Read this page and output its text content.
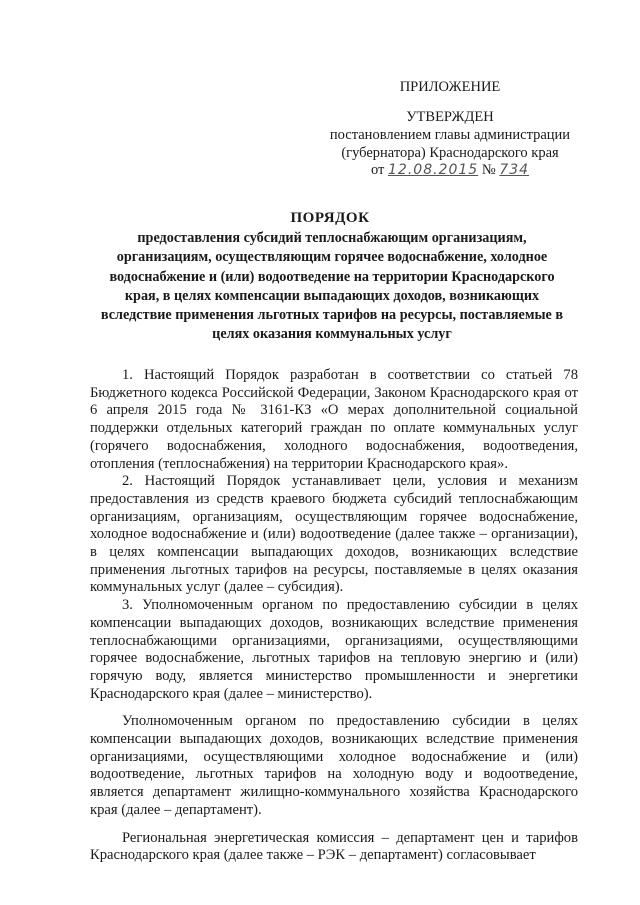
ПРИЛОЖЕНИЕ
УТВЕРЖДЕН
постановлением главы администрации
(губернатора) Краснодарского края
от 12.08.2015 № 734
ПОРЯДОК
предоставления субсидий теплоснабжающим организациям,
организациям, осуществляющим горячее водоснабжение, холодное
водоснабжение и (или) водоотведение на территории Краснодарского
края, в целях компенсации выпадающих доходов, возникающих
вследствие применения льготных тарифов на ресурсы, поставляемые в
целях оказания коммунальных услуг

1. Настоящий Порядок разработан в соответствии со статьей 78 Бюджетного кодекса Российской Федерации, Законом Краснодарского края от 6 апреля 2015 года № 3161-КЗ «О мерах дополнительной социальной поддержки отдельных категорий граждан по оплате коммунальных услуг (горячего водоснабжения, холодного водоснабжения, водоотведения, отопления (теплоснабжения) на территории Краснодарского края».

2. Настоящий Порядок устанавливает цели, условия и механизм предоставления из средств краевого бюджета субсидий теплоснабжающим организациям, организациям, осуществляющим горячее водоснабжение, холодное водоснабжение и (или) водоотведение (далее также – организации), в целях компенсации выпадающих доходов, возникающих вследствие применения льготных тарифов на ресурсы, поставляемые в целях оказания коммунальных услуг (далее – субсидия).

3. Уполномоченным органом по предоставлению субсидии в целях компенсации выпадающих доходов, возникающих вследствие применения теплоснабжающими организациями, организациями, осуществляющими горячее водоснабжение, льготных тарифов на тепловую энергию и (или) горячую воду, является министерство промышленности и энергетики Краснодарского края (далее – министерство).

Уполномоченным органом по предоставлению субсидии в целях компенсации выпадающих доходов, возникающих вследствие применения организациями, осуществляющими холодное водоснабжение и (или) водоотведение, льготных тарифов на холодную воду и водоотведение, является департамент жилищно-коммунального хозяйства Краснодарского края (далее – департамент).

Региональная энергетическая комиссия – департамент цен и тарифов Краснодарского края (далее также – РЭК – департамент) согласовывает
